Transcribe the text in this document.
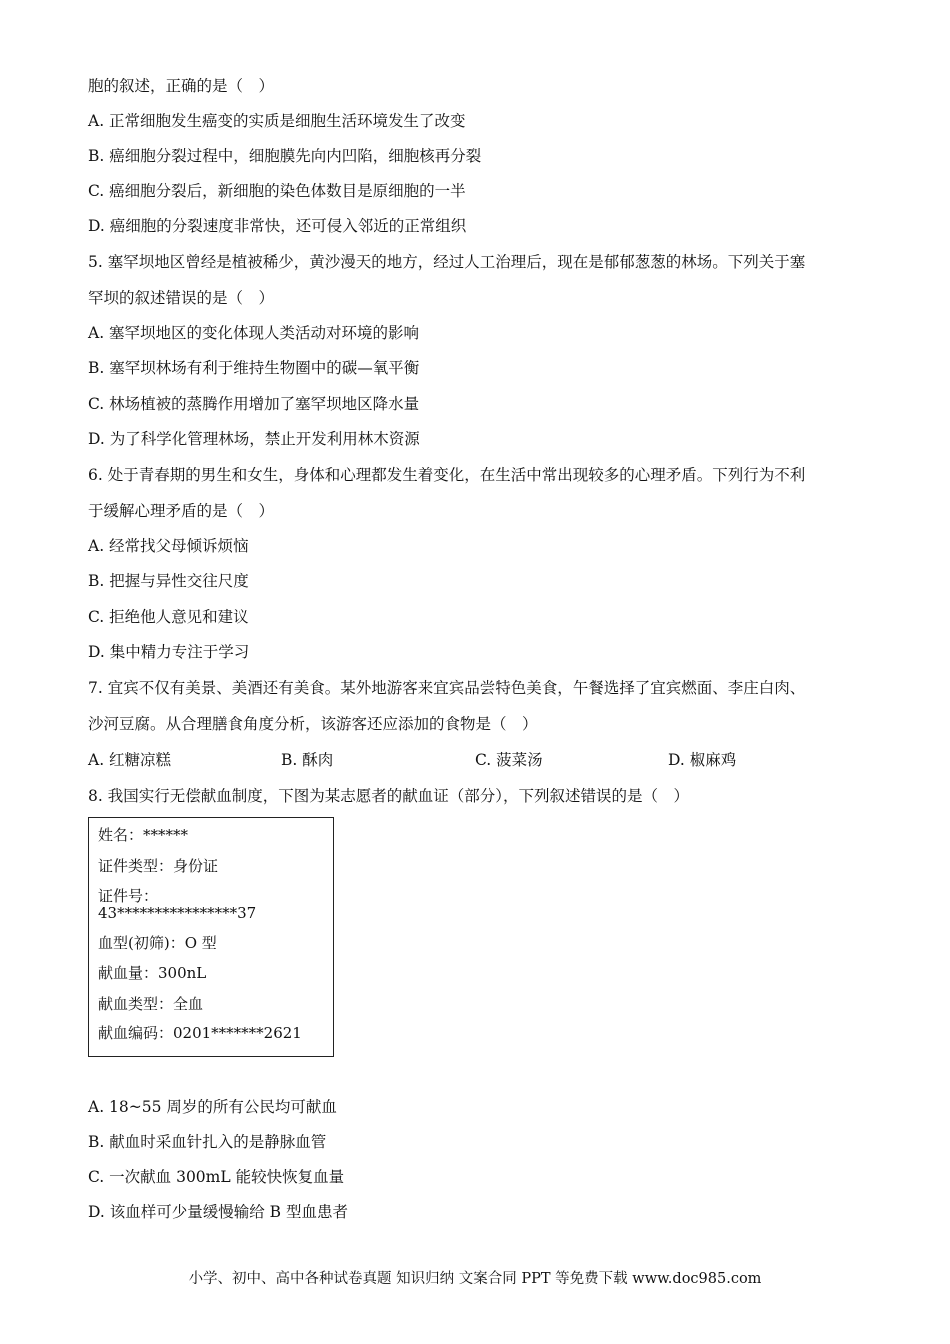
胞的叙述，正确的是（　）
A. 正常细胞发生癌变的实质是细胞生活环境发生了改变
B. 癌细胞分裂过程中，细胞膜先向内凹陷，细胞核再分裂
C. 癌细胞分裂后，新细胞的染色体数目是原细胞的一半
D. 癌细胞的分裂速度非常快，还可侵入邻近的正常组织
5. 塞罕坝地区曾经是植被稀少，黄沙漫天的地方，经过人工治理后，现在是郁郁葱葱的林场。下列关于塞
罕坝的叙述错误的是（　）
A. 塞罕坝地区的变化体现人类活动对环境的影响
B. 塞罕坝林场有利于维持生物圈中的碳—氧平衡
C. 林场植被的蒸腾作用增加了塞罕坝地区降水量
D. 为了科学化管理林场，禁止开发利用林木资源
6. 处于青春期的男生和女生，身体和心理都发生着变化，在生活中常出现较多的心理矛盾。下列行为不利
于缓解心理矛盾的是（　）
A. 经常找父母倾诉烦恼
B. 把握与异性交往尺度
C. 拒绝他人意见和建议
D. 集中精力专注于学习
7. 宜宾不仅有美景、美酒还有美食。某外地游客来宜宾品尝特色美食，午餐选择了宜宾燃面、李庄白肉、
沙河豆腐。从合理膳食角度分析，该游客还应添加的食物是（　）
A. 红糖凉糕	B. 酥肉	C. 菠菜汤	D. 椒麻鸡
8. 我国实行无偿献血制度，下图为某志愿者的献血证（部分），下列叙述错误的是（　）
姓名：******
证件类型：身份证
证件号：
43****************37
血型(初筛)：O 型
献血量：300nL
献血类型：全血
献血编码：0201*******2621
A. 18~55 周岁的所有公民均可献血
B. 献血时采血针扎入的是静脉血管
C. 一次献血 300mL 能较快恢复血量
D. 该血样可少量缓慢输给 B 型血患者
小学、初中、高中各种试卷真题 知识归纳 文案合同 PPT 等免费下载 www.doc985.com
